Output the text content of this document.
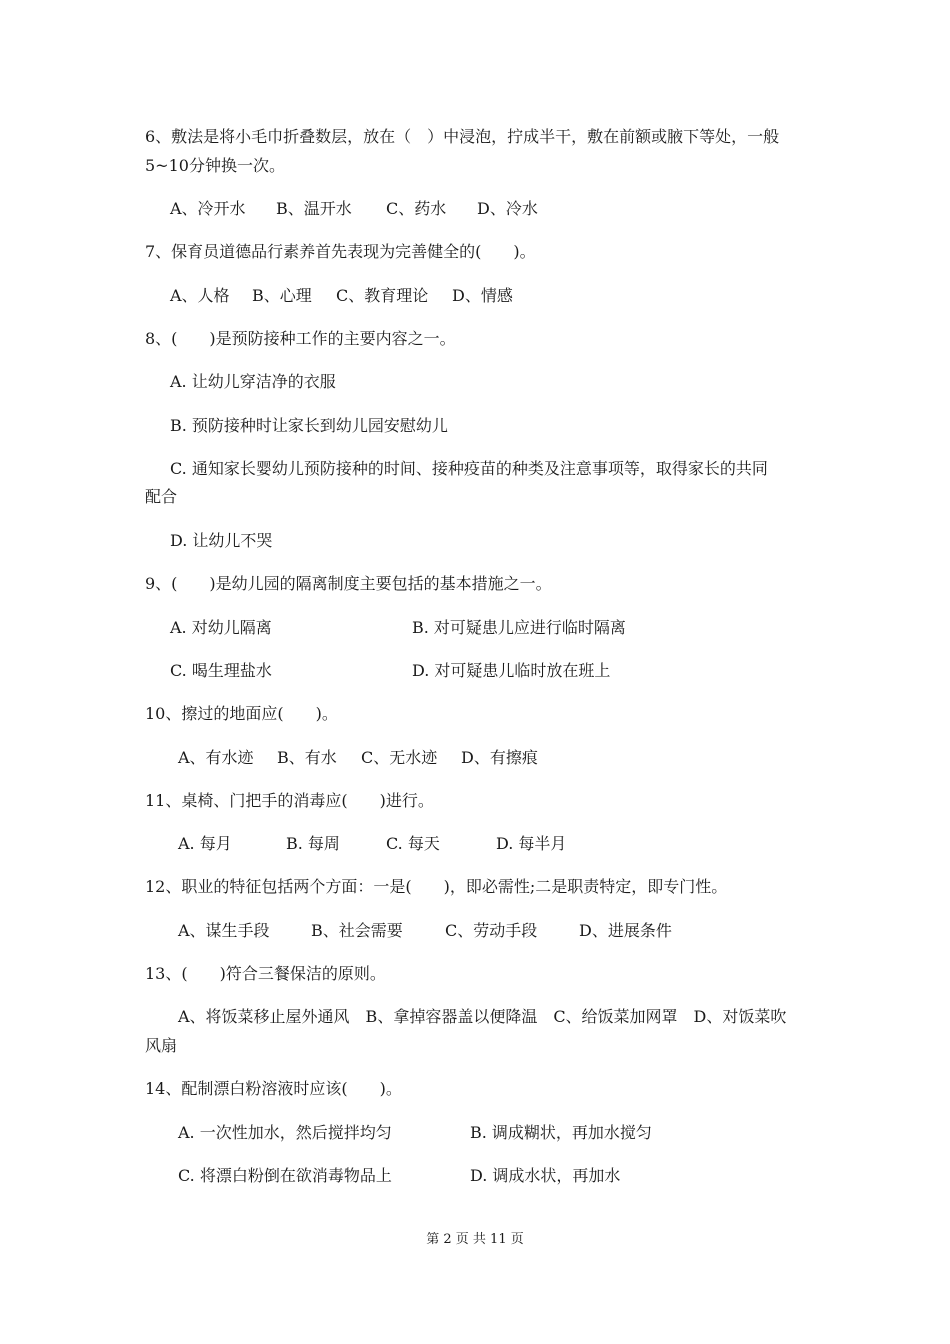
6、敷法是将小毛巾折叠数层，放在（　）中浸泡，拧成半干，敷在前额或腋下等处，一般
5~10分钟换一次。
A、冷开水 B、温开水 C、药水 D、冷水
7、保育员道德品行素养首先表现为完善健全的(　　)。
A、人格 B、心理 C、教育理论 D、情感
8、(　　)是预防接种工作的主要内容之一。
A. 让幼儿穿洁净的衣服
B. 预防接种时让家长到幼儿园安慰幼儿
C. 通知家长婴幼儿预防接种的时间、接种疫苗的种类及注意事项等，取得家长的共同
配合
D. 让幼儿不哭
9、(　　)是幼儿园的隔离制度主要包括的基本措施之一。
A. 对幼儿隔离	B. 对可疑患儿应进行临时隔离
C. 喝生理盐水	D. 对可疑患儿临时放在班上
10、擦过的地面应(　　)。
A、有水迹 B、有水 C、无水迹 D、有擦痕
11、桌椅、门把手的消毒应(　　)进行。
A. 每月	B. 每周	C. 每天	D. 每半月
12、职业的特征包括两个方面：一是(　　)，即必需性;二是职责特定，即专门性。
A、谋生手段	B、社会需要	C、劳动手段	D、进展条件
13、(　　)符合三餐保洁的原则。
A、将饭菜移止屋外通风　B、拿掉容器盖以便降温　C、给饭菜加网罩　D、对饭菜吹
风扇
14、配制漂白粉溶液时应该(　　)。
A. 一次性加水，然后搅拌均匀	B. 调成糊状，再加水搅匀
C. 将漂白粉倒在欲消毒物品上	D. 调成水状，再加水
第 2 页 共 11 页
